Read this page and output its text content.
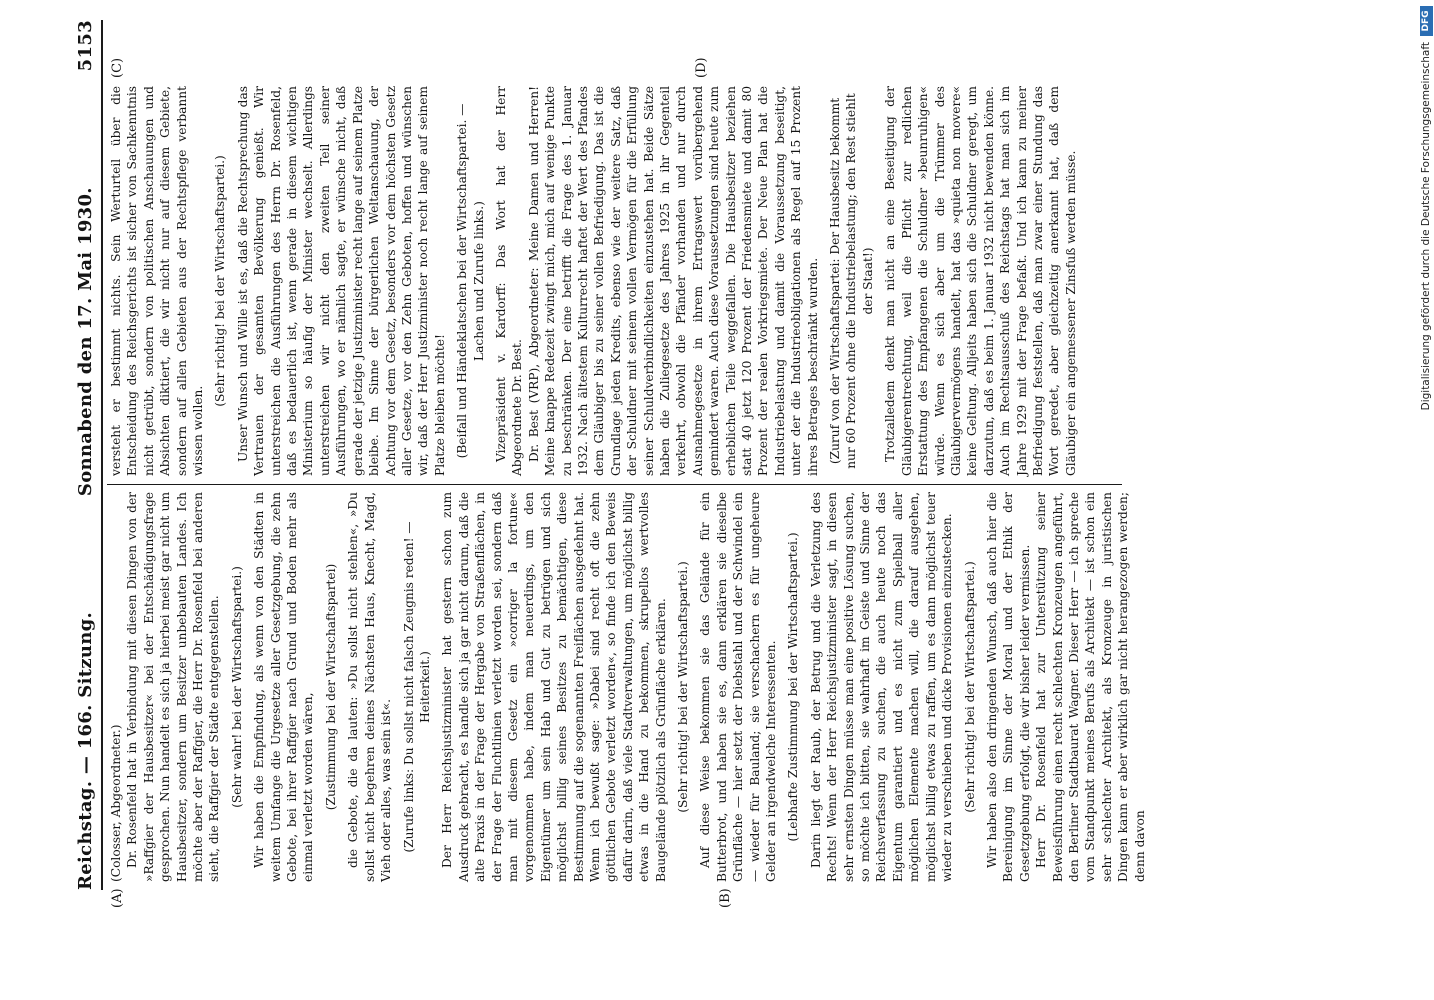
Reichstag. — 166. Sitzung.
Sonnabend den 17. Mai 1930.
5153
(A)	(B)
(C)	(D)

(Colosser, Abgeordneter.) Dr. Rosenfeld hat in Verbindung mit diesen Dingen von der »Raffgier der Hausbesitzer« bei der Entschädigungsfrage gesprochen. Nun handelt es sich ja hierbei meist gar nicht um Hausbesitzer, sondern um Besitzer unbebauten Landes. Ich möchte aber der Raffgier, die Herr Dr. Rosenfeld bei anderen sieht, die Raffgier der Städte entgegenstellen. (Sehr wahr! bei der Wirtschaftspartei.) Wir haben die Empfindung, als wenn von den Städten in weitem Umfange die Urgesetze aller Gesetzgebung, die zehn Gebote, bei ihrer Raffgier nach Grund und Boden mehr als einmal verletzt worden wären, (Zustimmung bei der Wirtschaftspartei) die Gebote, die da lauten: »Du sollst nicht stehlen«, »Du sollst nicht begehren deines Nächsten Haus, Knecht, Magd, Vieh oder alles, was sein ist«. (Zurufe links: Du sollst nicht falsch Zeugnis reden! — Heiterkeit.) Der Herr Reichsjustizminister hat gestern schon zum Ausdruck gebracht, es handle sich ja gar nicht darum, daß die alte Praxis in der Frage der Hergabe von Straßenflächen, in der Frage der Fluchtlinien verletzt worden sei, sondern daß man mit diesem Gesetz ein »corriger la fortune« vorgenommen habe, indem man neuerdings, um den Eigentümer um sein Hab und Gut zu betrügen und sich möglichst billig seines Besitzes zu bemächtigen, diese Bestimmung auf die sogenannten Freiflächen ausgedehnt hat. Wenn ich bewußt sage: »Dabei sind recht oft die zehn göttlichen Gebote verletzt worden«, so finde ich den Beweis dafür darin, daß viele Stadtverwaltungen, um möglichst billig etwas in die Hand zu bekommen, skrupellos wertvolles Baugelände plötzlich als Grünfläche erklären. (Sehr richtig! bei der Wirtschaftspartei.) Auf diese Weise bekommen sie das Gelände für ein Butterbrot, und haben sie es, dann erklären sie dieselbe Grünfläche — hier setzt der Diebstahl und der Schwindel ein — wieder für Bauland; sie verschachern es für ungeheure Gelder an irgendwelche Interessenten. (Lebhafte Zustimmung bei der Wirtschaftspartei.) Darin liegt der Raub, der Betrug und die Verletzung des Rechts! Wenn der Herr Reichsjustizminister sagt, in diesen sehr ernsten Dingen müsse man eine positive Lösung suchen, so möchte ich bitten, sie wahrhaft im Geiste und Sinne der Reichsverfassung zu suchen, die auch heute noch das Eigentum garantiert und es nicht zum Spielball aller möglichen Elemente machen will, die darauf ausgehen, möglichst billig etwas zu raffen, um es dann möglichst teuer wieder zu verschieben und dicke Provisionen einzustecken. (Sehr richtig! bei der Wirtschaftspartei.) Wir haben also den dringenden Wunsch, daß auch hier die Bereinigung im Sinne der Moral und der Ethik der Gesetzgebung erfolgt, die wir bisher leider vermissen. Herr Dr. Rosenfeld hat zur Unterstützung seiner Beweisführung einen recht schlechten Kronzeugen angeführt, den Berliner Stadtbaurat Wagner. Dieser Herr — ich spreche vom Standpunkt meines Berufs als Architekt — ist schon ein sehr schlechter Architekt, als Kronzeuge in juristischen Dingen kann er aber wirklich gar nicht herangezogen werden; denn davon

versteht er bestimmt nichts. Sein Werturteil über die Entscheidung des Reichsgerichts ist sicher von Sachkenntnis nicht getrübt, sondern von politischen Anschauungen und Absichten diktiert, die wir nicht nur auf diesem Gebiete, sondern auf allen Gebieten aus der Rechtspflege verbannt wissen wollen.

(Sehr richtig! bei der Wirtschaftspartei.) Unser Wunsch und Wille ist es, daß die Rechtsprechung das Vertrauen der gesamten Bevölkerung genießt. Wir unterstreichen die Ausführungen des Herrn Dr. Rosenfeld, daß es bedauerlich ist, wenn gerade in diesem wichtigen Ministerium so häufig der Minister wechselt. Allerdings unterstreichen wir nicht den zweiten Teil seiner Ausführungen, wo er nämlich sagte, er wünsche nicht, daß gerade der jetzige Justizminister recht lange auf seinem Platze bleibe. Im Sinne der bürgerlichen Weltanschauung, der Achtung vor dem Gesetz, besonders vor dem höchsten Gesetz aller Gesetze, vor den Zehn Geboten, hoffen und wünschen wir, daß der Herr Justizminister noch recht lange auf seinem Platze bleiben möchte! (Beifall und Händeklatschen bei der Wirtschaftspartei. — Lachen und Zurufe links.) Vizepräsident v. Kardorff: Das Wort hat der Herr Abgeordnete Dr. Best. Dr. Best (VRP), Abgeordneter: Meine Damen und Herren! Meine knappe Redezeit zwingt mich, mich auf wenige Punkte zu beschränken. Der eine betrifft die Frage des 1. Januar 1932. Nach ältestem Kulturrecht haftet der Wert des Pfandes dem Gläubiger bis zu seiner vollen Befriedigung. Das ist die Grundlage jeden Kredits, ebenso wie der weitere Satz, daß der Schuldner mit seinem vollen Vermögen für die Erfüllung seiner Schuldverbindlichkeiten einzustehen hat. Beide Sätze haben die Zuliegesetze des Jahres 1925 in ihr Gegenteil verkehrt, obwohl die Pfänder vorhanden und nur durch Ausnahmegesetze in ihrem Ertragswert vorübergehend gemindert waren. Auch diese Voraussetzungen sind heute zum erheblichen Teile weggefallen. Die Hausbesitzer beziehen statt 40 jetzt 120 Prozent der Friedensmiete und damit 80 Prozent der realen Vorkriegsmiete. Der Neue Plan hat die Industriebelastung und damit die Voraussetzung beseitigt, unter der die Industrieobligationen als Regel auf 15 Prozent ihres Betrages beschränkt wurden. (Zuruf von der Wirtschaftspartei: Der Hausbesitz bekommt nur 60 Prozent ohne die Industriebelastung; den Rest stiehlt der Staat!) Trotzalledem denkt man nicht an eine Beseitigung der Gläubigerentrechtung, weil die Pflicht zur redlichen Erstattung des Empfangenen die Schuldner »beunruhigen« würde. Wenn es sich aber um die Trümmer des Gläubigervermögens handelt, hat das »quieta non movere« keine Geltung. Alljeits haben sich die Schuldner geregt, um darzutun, daß es beim 1. Januar 1932 nicht bewenden könne. Auch im Rechtsausschuß des Reichstags hat man sich im Jahre 1929 mit der Frage befaßt. Und ich kann zu meiner Befriedigung feststellen, daß man zwar einer Stundung das Wort geredet, aber gleichzeitig anerkannt hat, daß dem Gläubiger ein angemessener Zinsfuß werden müsse.	Digitalisierung gefördert durch die Deutsche Forschungsgemeinschaft
DFG
